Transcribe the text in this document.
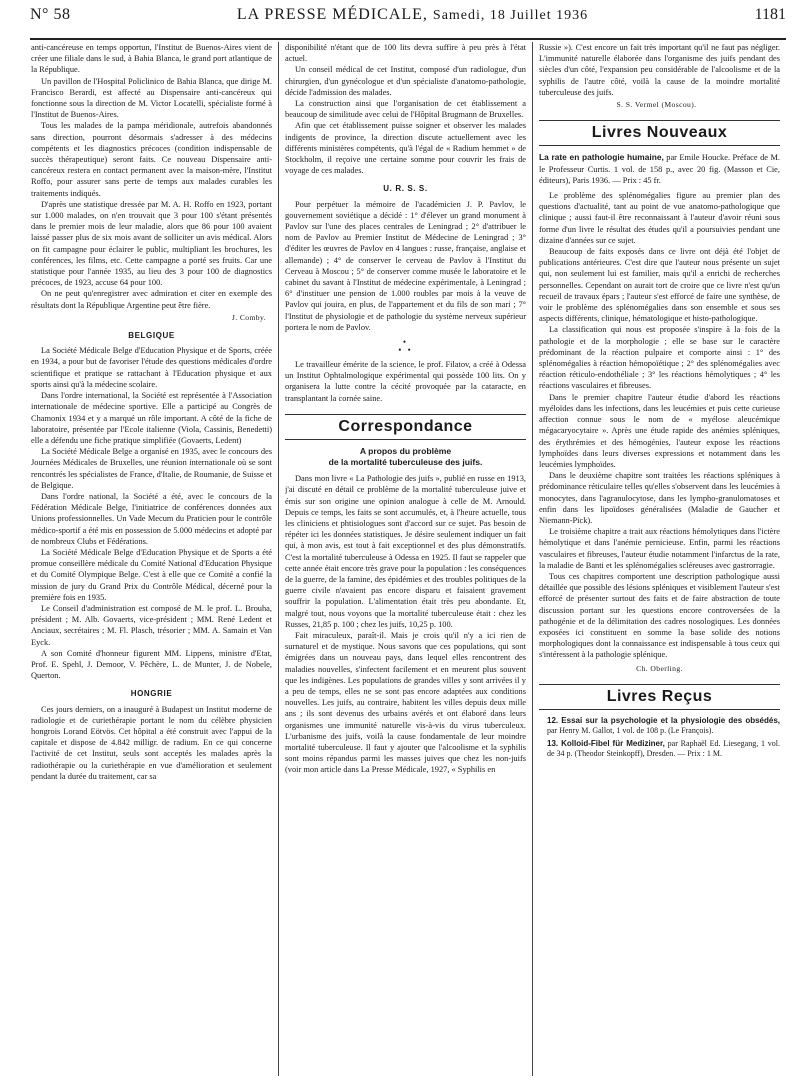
N° 58	LA PRESSE MÉDICALE, Samedi, 18 Juillet 1936	1181

anti-cancéreuse en temps opportun, l'Institut de Buenos-Aires vient de créer une filiale dans le sud, à Bahia Blanca, le grand port atlantique de la République.

Un pavillon de l'Hospital Policlinico de Bahia Blanca, que dirige M. Francisco Berardi, est affecté au Dispensaire anti-cancéreux qui fonctionne sous la direction de M. Victor Locatelli, spécialiste formé à l'Institut de Buenos-Aires.

Tous les malades de la pampa méridionale, autrefois abandonnés sans direction, pourront désormais s'adresser à des médecins compétents et les diagnostics précoces (condition indispensable de succès thérapeutique) seront faits. Ce nouveau Dispensaire anti-cancéreux restera en contact permanent avec la maison-mère, l'Institut Roffo, pour assurer sans perte de temps aux malades curables les traitements indiqués.

D'après une statistique dressée par M. A. H. Roffo en 1923, portant sur 1.000 malades, on n'en trouvait que 3 pour 100 s'étant présentés dans le premier mois de leur maladie, alors que 86 pour 100 avaient laissé passer plus de six mois avant de solliciter un avis médical. Alors on fit campagne pour éclairer le public, multipliant les brochures, les conférences, les films, etc. Cette campagne a porté ses fruits. Car une statistique pour l'année 1935, au lieu des 3 pour 100 de diagnostics précoces, de 1923, accuse 64 pour 100.

On ne peut qu'enregistrer avec admiration et citer en exemple des résultats dont la République Argentine peut être fière.

J. Comby.

BELGIQUE

La Société Médicale Belge d'Education Physique et de Sports, créée en 1934, a pour but de favoriser l'étude des questions médicales d'ordre scientifique et pratique se rattachant à l'Education physique et aux sports ainsi qu'à la médecine scolaire.

Dans l'ordre international, la Société est représentée à l'Association internationale de médecine sportive. Elle a participé au Congrès de Chamonix 1934 et y a marqué un rôle important. A côté de la fiche de laboratoire, présentée par l'Ecole italienne (Viola, Cassinis, Benedetti) elle a défendu une fiche pratique simplifiée (Govaerts, Ledent)

La Société Médicale Belge a organisé en 1935, avec le concours des Journées Médicales de Bruxelles, une réunion internationale où se sont rencontrés les spécialistes de France, d'Italie, de Roumanie, de Suisse et de Belgique.

Dans l'ordre national, la Société a été, avec le concours de la Fédération Médicale Belge, l'initiatrice de conférences données aux Unions professionnelles. Un Vade Mecum du Praticien pour le contrôle médico-sportif a été mis en possession de 5.000 médecins et adopté par de nombreux Clubs et Fédérations.

La Société Médicale Belge d'Education Physique et de Sports a été promue conseillère médicale du Comité National d'Education Physique et du Comité Olympique Belge. C'est à elle que ce Comité a confié la mission de jury du Grand Prix du Contrôle Médical, décerné pour la première fois en 1935.

Le Conseil d'administration est composé de M. le prof. L. Brouha, président ; M. Alb. Govaerts, vice-président ; MM. René Ledent et Anciaux, secrétaires ; M. Fl. Plasch, trésorier ; MM. A. Samain et Van Eyck.

A son Comité d'honneur figurent MM. Lippens, ministre d'Etat, Prof. E. Spehl, J. Demoor, V. Pêchère, L. de Munter, J. de Nobele, Querton.

HONGRIE

Ces jours derniers, on a inauguré à Budapest un Institut moderne de radiologie et de curiethérapie portant le nom du célèbre physicien hongrois Lorand Eötvös. Cet hôpital a été construit avec l'appui de la capitale et dispose de 4.842 milligr. de radium. En ce qui concerne l'activité de cet Institut, seuls sont acceptés les malades après la radiothérapie ou la curiethérapie en vue d'amélioration et seulement pendant la durée du traitement, car sa

disponibilité n'étant que de 100 lits devra suffire à peu près à l'état actuel.

Un conseil médical de cet Institut, composé d'un radiologue, d'un chirurgien, d'un gynécologue et d'un spécialiste d'anatomo-pathologie, décide l'admission des malades.

La construction ainsi que l'organisation de cet établissement a beaucoup de similitude avec celui de l'Hôpital Brugmann de Bruxelles.

Afin que cet établissement puisse soigner et observer les malades indigents de province, la direction discute actuellement avec les différents ministères compétents, qu'à l'égal de « Radium hemmet » de Stockholm, il reçoive une certaine somme pour couvrir les frais de voyage de ces malades.

U. R. S. S.

Pour perpétuer la mémoire de l'académicien J. P. Pavlov, le gouvernement soviétique a décidé : 1° d'élever un grand monument à Pavlov sur l'une des places centrales de Leningrad ; 2° d'attribuer le nom de Pavlov au Premier Institut de Médecine de Leningrad ; 3° d'éditer les œuvres de Pavlov en 4 langues : russe, française, anglaise et allemande) ; 4° de conserver le cerveau de Pavlov à l'Institut du Cerveau à Moscou ; 5° de conserver comme musée le laboratoire et le cabinet du savant à l'Institut de médecine expérimentale, à Leningrad ; 6° d'instituer une pension de 1.000 roubles par mois à la veuve de Pavlov qui jouira, en plus, de l'appartement et du fils de son mari ; 7° l'Institut de physiologie et de pathologie du système nerveux supérieur portera le nom de Pavlov.

•
• •

Le travailleur émérite de la science, le prof. Filatov, a créé à Odessa un Institut Ophtalmologique expérimental qui possède 100 lits. On y organisera la lutte contre la cécité provoquée par la cataracte, en transplantant la cornée saine.

Correspondance
A propos du problème
de la mortalité tuberculeuse des juifs.

Dans mon livre « La Pathologie des juifs », publié en russe en 1913, j'ai discuté en détail ce problème de la mortalité tuberculeuse juive et émis sur son origine une opinion analogue à celle de M. Arnould. Depuis ce temps, les faits se sont accumulés, et, à l'heure actuelle, tous les cliniciens et phtisiologues sont d'accord sur ce sujet. Pas besoin de répéter ici les données statistiques. Je désire seulement indiquer un fait qui, à mon avis, est tout à fait exceptionnel et des plus démonstratifs. C'est la mortalité tuberculeuse à Odessa en 1925. Il faut se rappeler que cette année était encore très grave pour la population : les conséquences de la guerre, de la famine, des épidémies et des troubles politiques de la guerre civile n'avaient pas encore disparu et faisaient gravement souffrir la population. L'alimentation était très peu abondante. Et, malgré tout, nous voyons que la mortalité tuberculeuse était : chez les Russes, 21,85 p. 100 ; chez les juifs, 10,25 p. 100.

Fait miraculeux, paraît-il. Mais je crois qu'il n'y a ici rien de surnaturel et de mystique. Nous savons que ces populations, qui sont émigrées dans un nouveau pays, dans lequel elles rencontrent des maladies nouvelles, s'infectent facilement et en meurent plus souvent que les indigènes. Les populations de grandes villes y sont arrivées il y a peu de temps, elles ne se sont pas encore adaptées aux conditions nouvelles. Les juifs, au contraire, habitent les villes depuis deux mille ans ; ils sont devenus des urbains avérés et ont élaboré dans leurs organismes une immunité naturelle vis-à-vis du virus tuberculeux. L'urbanisme des juifs, voilà la cause fondamentale de leur moindre mortalité tuberculeuse. Il faut y ajouter que l'alcoolisme et la syphilis sont moins répandus parmi les masses juives que chez les non-juifs (voir mon article dans La Presse Médicale, 1927, « Syphilis en

Russie »). C'est encore un fait très important qu'il ne faut pas négliger. L'immunité naturelle élaborée dans l'organisme des juifs pendant des siècles d'un côté, l'expansion peu considérable de l'alcoolisme et de la syphilis de l'autre côté, voilà la cause de la moindre mortalité tuberculeuse des juifs.

S. S. Vermel (Moscou).

Livres Nouveaux

La rate en pathologie humaine, par Emile Houcke. Préface de M. le Professeur Curtis. 1 vol. de 158 p., avec 20 fig. (Masson et Cie, éditeurs), Paris 1936. — Prix : 45 fr.

Le problème des splénomégalies figure au premier plan des questions d'actualité, tant au point de vue anatomo-pathologique que clinique ; aussi faut-il être reconnaissant à l'auteur d'avoir réuni sous forme d'un livre le résultat des études qu'il a poursuivies pendant une dizaine d'années sur ce sujet.

Beaucoup de faits exposés dans ce livre ont déjà été l'objet de publications antérieures. C'est dire que l'auteur nous présente un sujet qui, non seulement lui est familier, mais qu'il a enrichi de recherches personnelles. Cependant on aurait tort de croire que ce livre n'est qu'un recueil de travaux épars ; l'auteur s'est efforcé de faire une synthèse, de voir le problème des splénomégalies dans son ensemble et sous ses aspects différents, clinique, hématologique et histo-pathologique.

La classification qui nous est proposée s'inspire à la fois de la pathologie et de la morphologie ; elle se base sur le caractère prédominant de la réaction pulpaire et comporte ainsi : 1° des splénomégalies à réaction hémopoïétique ; 2° des splénomégalies avec réaction réticulo-endothéliale ; 3° les réactions hémolytiques ; 4° les réactions vasculaires et fibreuses.

Dans le premier chapitre l'auteur étudie d'abord les réactions myéloïdes dans les infections, dans les leucémies et puis cette curieuse affection connue sous le nom de « myélose aleucémique mégacaryocytaire ». Après une étude rapide des anémies spléniques, des érythrémies et des hémogénies, l'auteur expose les réactions lymphoïdes dans leurs diverses expressions et notamment dans les leucémies lymphoïdes.

Dans le deuxième chapitre sont traitées les réactions spléniques à prédominance réticulaire telles qu'elles s'observent dans les leucémies à monocytes, dans l'agranulocytose, dans les lympho-granulomatoses et enfin dans les lipoïdoses généralisées (Maladie de Gaucher et Niemann-Pick).

Le troisième chapitre a trait aux réactions hémolytiques dans l'ictère hémolytique et dans l'anémie pernicieuse. Enfin, parmi les réactions vasculaires et fibreuses, l'auteur étudie notamment l'infarctus de la rate, la maladie de Banti et les splénomégalies scléreuses avec gastrorragie.

Tous ces chapitres comportent une description pathologique aussi détaillée que possible des lésions spléniques et visiblement l'auteur s'est efforcé de présenter surtout des faits et de faire abstraction de toute discussion portant sur les questions encore controversées de la pathogénie et de la délimitation des cadres nosologiques. Les données exposées ici constituent en somme la base solide des notions morphologiques dont la connaissance est indispensable à tous ceux qui s'intéressent à la pathologie splénique.

Ch. Oberling.

Livres Reçus

12. Essai sur la psychologie et la physiologie des obsédés, par Henry M. Gallot, 1 vol. de 108 p. (Le François).

13. Kolloid-Fibel für Mediziner, par Raphaël Ed. Liesegang, 1 vol. de 34 p. (Theodor Steinkopff), Dresden. — Prix : 1 M.
